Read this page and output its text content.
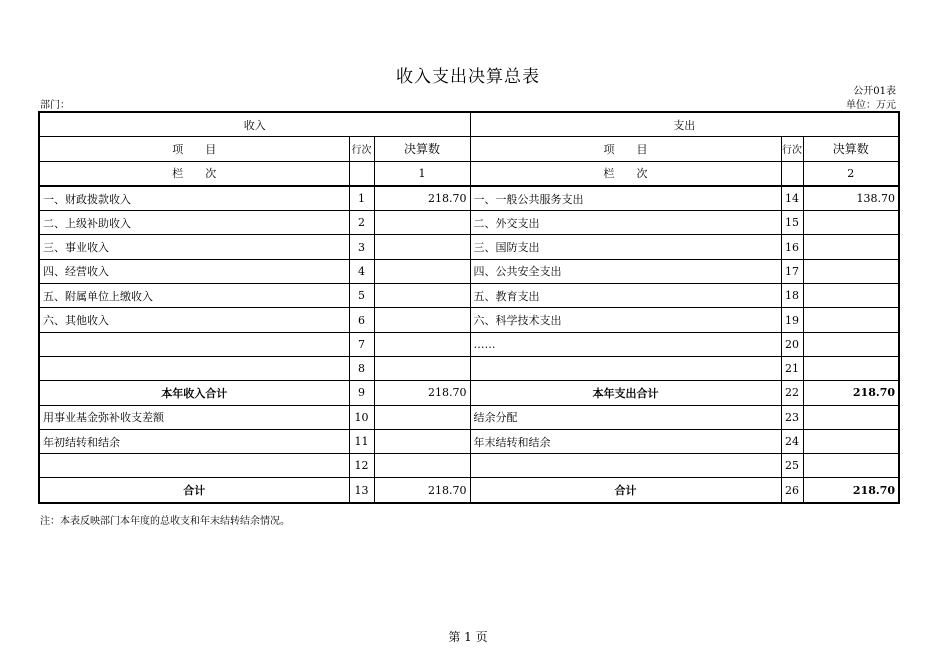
收入支出决算总表
公开01表
部门：	单位：万元
收入			支出		
项　　目	行次	决算数	项　　目	行次	决算数
栏　　次		1	栏　　次		2
一、财政拨款收入	1	218.70	一、一般公共服务支出	14	138.70
二、上级补助收入	2		二、外交支出	15	
三、事业收入	3		三、国防支出	16	
四、经营收入	4		四、公共安全支出	17	
五、附属单位上缴收入	5		五、教育支出	18	
六、其他收入	6		六、科学技术支出	19	
	7		……	20	
	8			21	
本年收入合计	9	218.70	本年支出合计	22	218.70
用事业基金弥补收支差额	10		结余分配	23	
年初结转和结余	11		年末结转和结余	24	
	12			25	
合计	13	218.70	合计	26	218.70
注：本表反映部门本年度的总收支和年末结转结余情况。
第 1 页
